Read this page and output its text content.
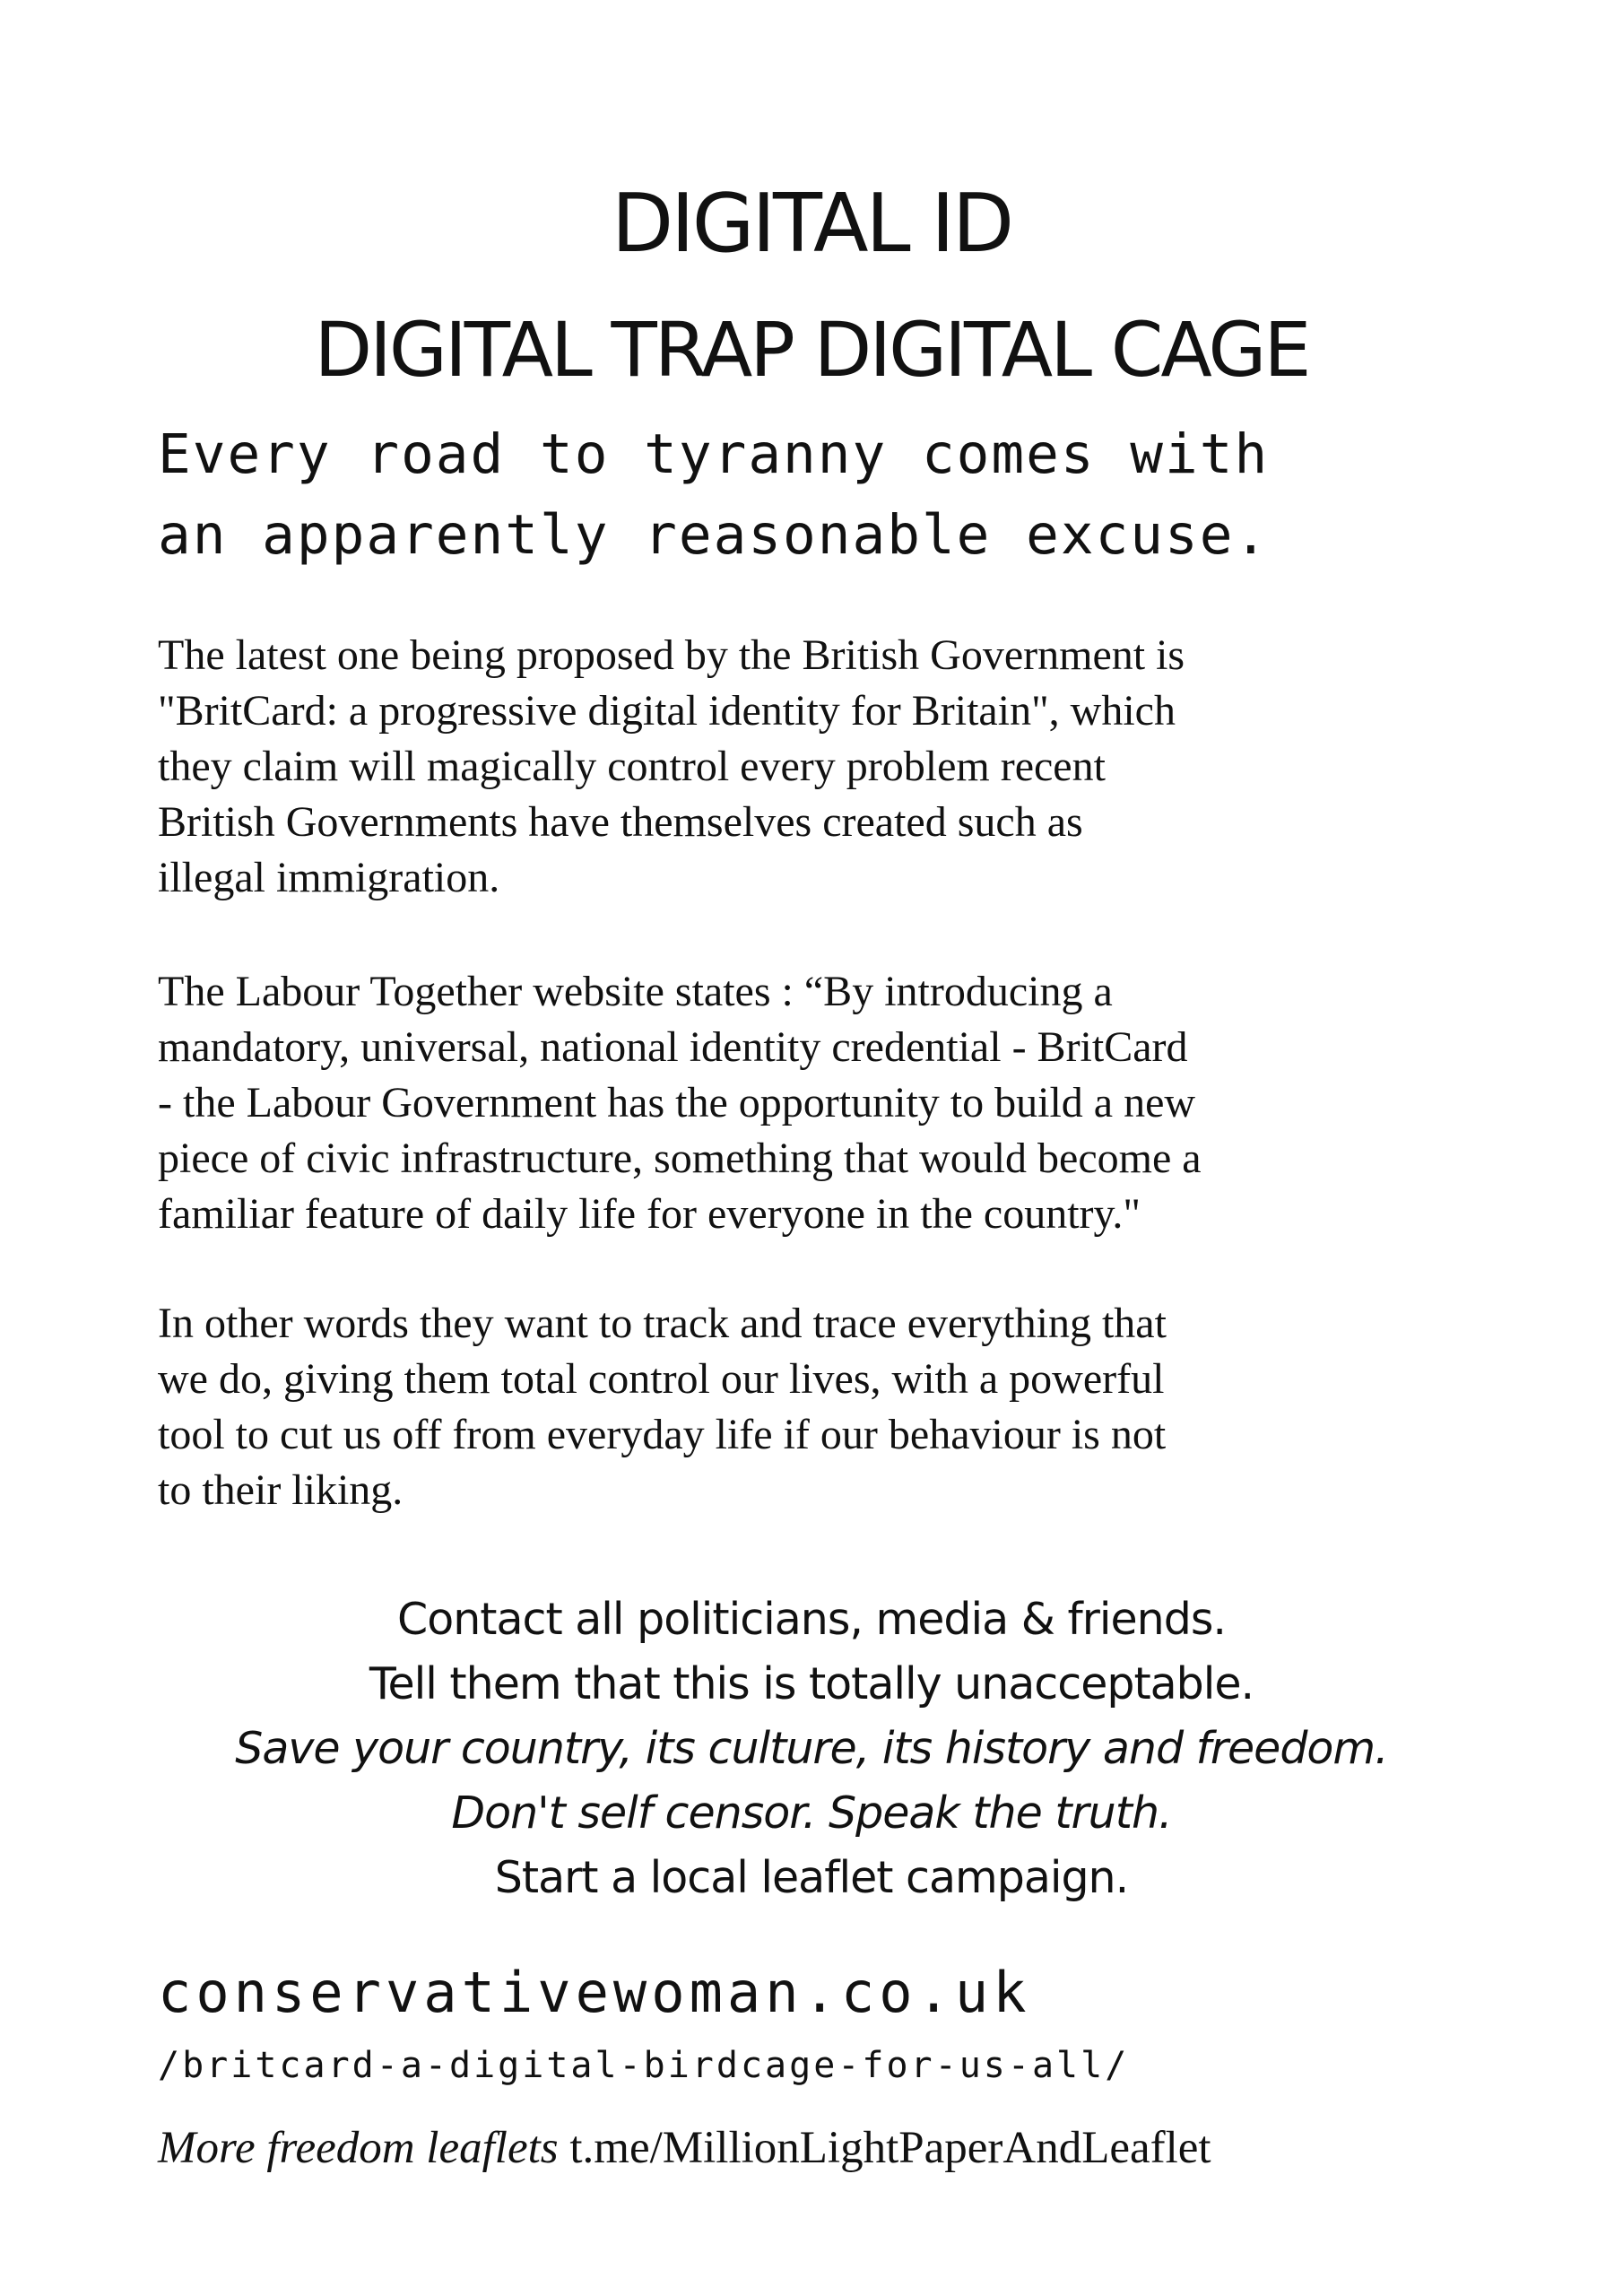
DIGITAL ID
DIGITAL TRAP DIGITAL CAGE
Every road to tyranny comes with
an apparently reasonable excuse.
The latest one being proposed by the British Government is
"BritCard: a progressive digital identity for Britain", which
they claim will magically control every problem recent
British Governments have themselves created such as
illegal immigration.
The Labour Together website states : “By introducing a
mandatory, universal, national identity credential - BritCard
- the Labour Government has the opportunity to build a new
piece of civic infrastructure, something that would become a
familiar feature of daily life for everyone in the country."
In other words they want to track and trace everything that
we do, giving them total control our lives, with a powerful
tool to cut us off from everyday life if our behaviour is not
to their liking.
Contact all politicians, media & friends.
Tell them that this is totally unacceptable.
Save your country, its culture, its history and freedom.
Don't self censor. Speak the truth.
Start a local leaflet campaign.
conservativewoman.co.uk
/britcard-a-digital-birdcage-for-us-all/
More freedom leaflets t.me/MillionLightPaperAndLeaflet
